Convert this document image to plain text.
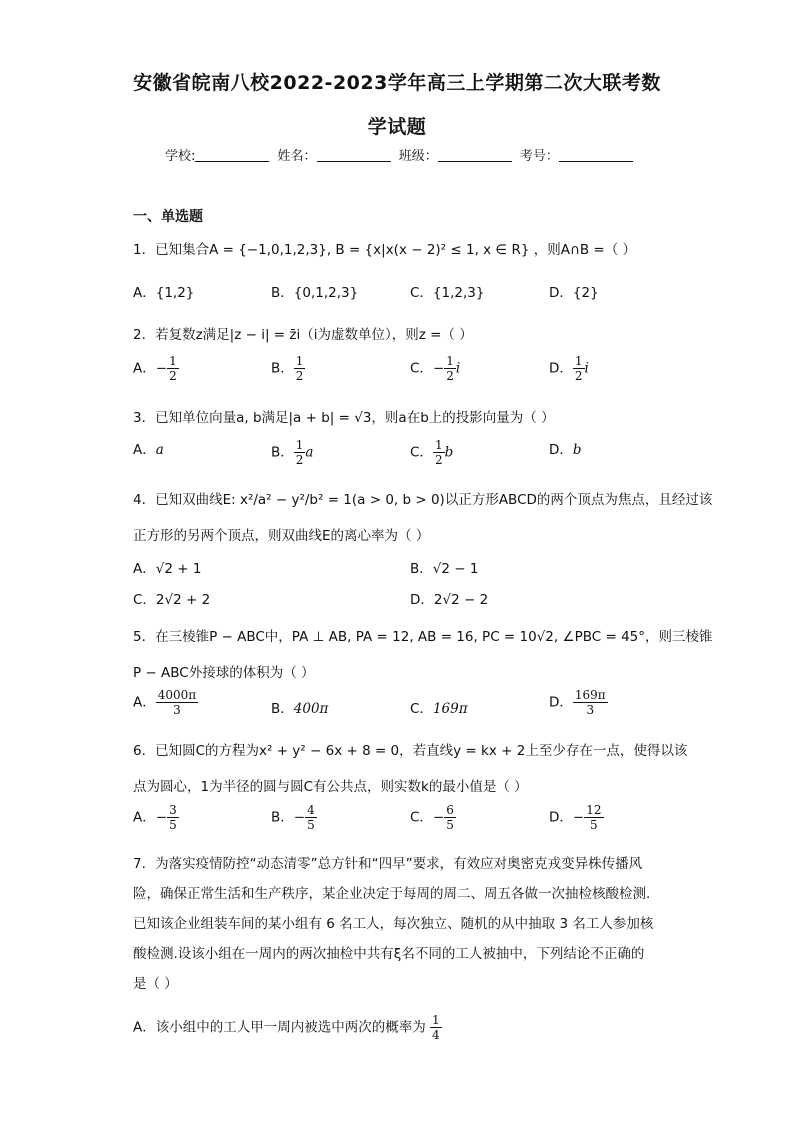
安徽省皖南八校2022-2023学年高三上学期第二次大联考数
学试题
学校:	姓名：	班级：	考号：
一、单选题
1．已知集合A = {−1,0,1,2,3}, B = {x|x(x − 2)² ≤ 1, x ∈ R} ，则A∩B =（ ）
A．{1,2}	B．{0,1,2,3}	C．{1,2,3}	D．{2}
2．若复数z满足|z − i| = z̄i（i为虚数单位），则z =（ ）
A．− $\frac{1}{2}$	B． $\frac{1}{2}$	C．− $\frac{1}{2}$ i	D． $\frac{1}{2}$ i
3．已知单位向量a, b满足|a + b| = √3，则a在b上的投影向量为（ ）
A．a	B． $\frac{1}{2}$ a	C． $\frac{1}{2}$ b	D．b
4．已知双曲线E: x²/a² − y²/b² = 1(a > 0, b > 0)以正方形ABCD的两个顶点为焦点，且经过该
正方形的另两个顶点，则双曲线E的离心率为（ ）
A．√2 + 1	B．√2 − 1
C．2√2 + 2	D．2√2 − 2
5．在三棱锥P − ABC中，PA ⊥ AB, PA = 12, AB = 16, PC = 10√2, ∠PBC = 45°，则三棱锥
P − ABC外接球的体积为（ ）
A． $\frac{4000\pi}{3}$	B．400π	C．169π	D． $\frac{169\pi}{3}$
6．已知圆C的方程为x² + y² − 6x + 8 = 0，若直线y = kx + 2上至少存在一点，使得以该
点为圆心，1为半径的圆与圆C有公共点，则实数k的最小值是（ ）
A．− $\frac{3}{5}$	B．− $\frac{4}{5}$	C．− $\frac{6}{5}$	D．− $\frac{12}{5}$
7．为落实疫情防控“动态清零”总方针和“四早”要求，有效应对奥密克戎变异株传播风
险，确保正常生活和生产秩序，某企业决定于每周的周二、周五各做一次抽检核酸检测.
已知该企业组装车间的某小组有 6 名工人，每次独立、随机的从中抽取 3 名工人参加核
酸检测.设该小组在一周内的两次抽检中共有ξ名不同的工人被抽中，下列结论不正确的
是（ ）
A．该小组中的工人甲一周内被选中两次的概率为 $\frac{1}{4}$
